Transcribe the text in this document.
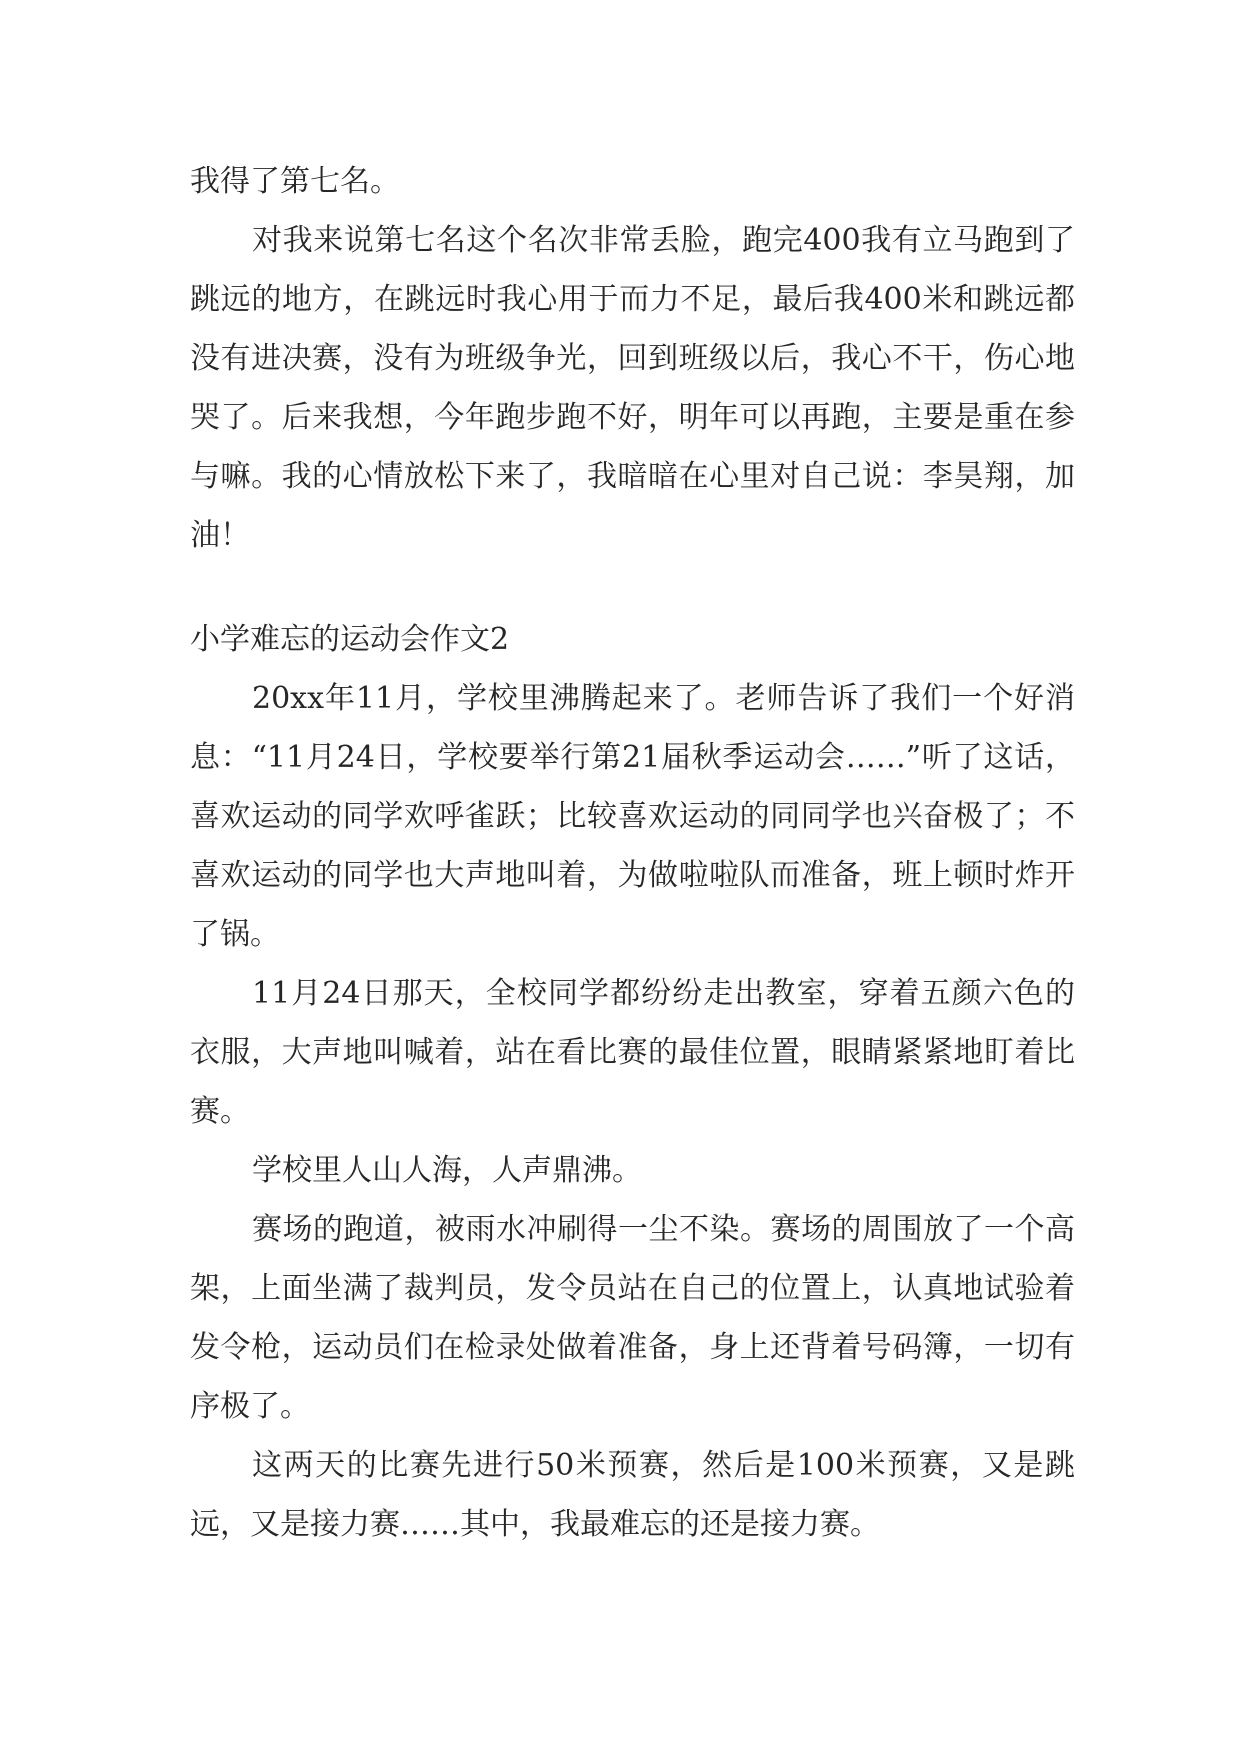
我得了第七名。

对我来说第七名这个名次非常丢脸，跑完400我有立马跑到了跳远的地方，在跳远时我心用于而力不足，最后我400米和跳远都没有进决赛，没有为班级争光，回到班级以后，我心不干，伤心地哭了。后来我想，今年跑步跑不好，明年可以再跑，主要是重在参与嘛。我的心情放松下来了，我暗暗在心里对自己说：李昊翔，加油！

小学难忘的运动会作文2

20xx年11月，学校里沸腾起来了。老师告诉了我们一个好消息：“11月24日，学校要举行第21届秋季运动会……”听了这话，喜欢运动的同学欢呼雀跃；比较喜欢运动的同同学也兴奋极了；不喜欢运动的同学也大声地叫着，为做啦啦队而准备，班上顿时炸开了锅。

11月24日那天，全校同学都纷纷走出教室，穿着五颜六色的衣服，大声地叫喊着，站在看比赛的最佳位置，眼睛紧紧地盯着比赛。

学校里人山人海，人声鼎沸。

赛场的跑道，被雨水冲刷得一尘不染。赛场的周围放了一个高架，上面坐满了裁判员，发令员站在自己的位置上，认真地试验着发令枪，运动员们在检录处做着准备，身上还背着号码簿，一切有序极了。

这两天的比赛先进行50米预赛，然后是100米预赛，又是跳远，又是接力赛……其中，我最难忘的还是接力赛。
